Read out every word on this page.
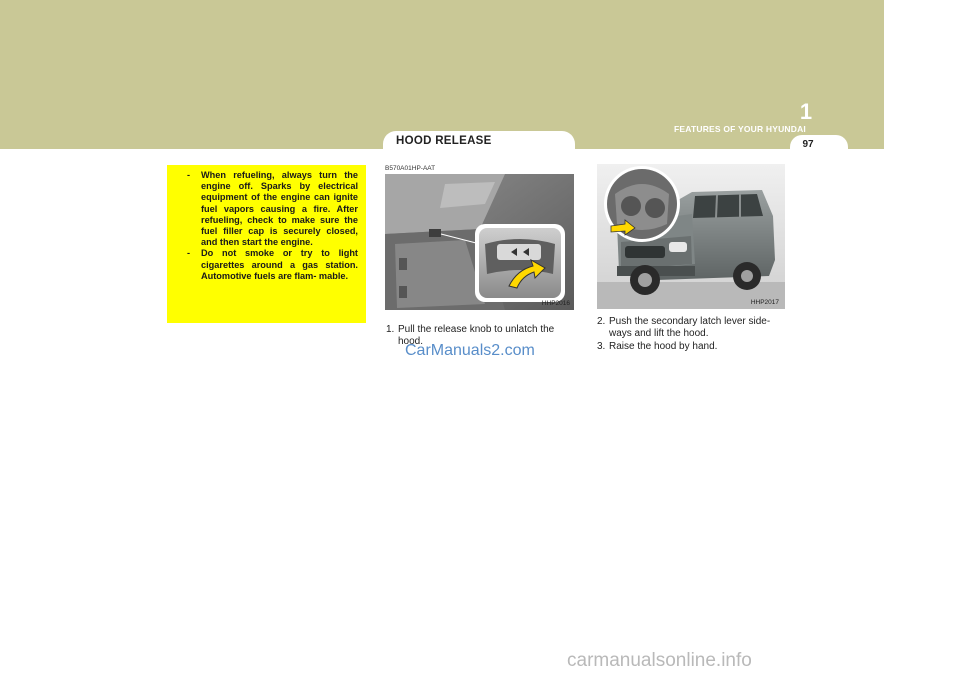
1
FEATURES OF YOUR HYUNDAI
97
HOOD RELEASE
- When refueling, always turn the engine off. Sparks by electrical equipment of the engine can ignite fuel vapors causing a fire. After refueling, check to make sure the fuel filler cap is securely closed, and then start the engine.
- Do not smoke or try to light cigarettes around a gas station. Automotive fuels are flam- mable.
B570A01HP-AAT
HHP2016
1. Pull the release knob to unlatch the hood.
HHP2017
2. Push the secondary latch lever side- ways and lift the hood.
3. Raise the hood by hand.
CarManuals2.com
carmanualsonline.info
